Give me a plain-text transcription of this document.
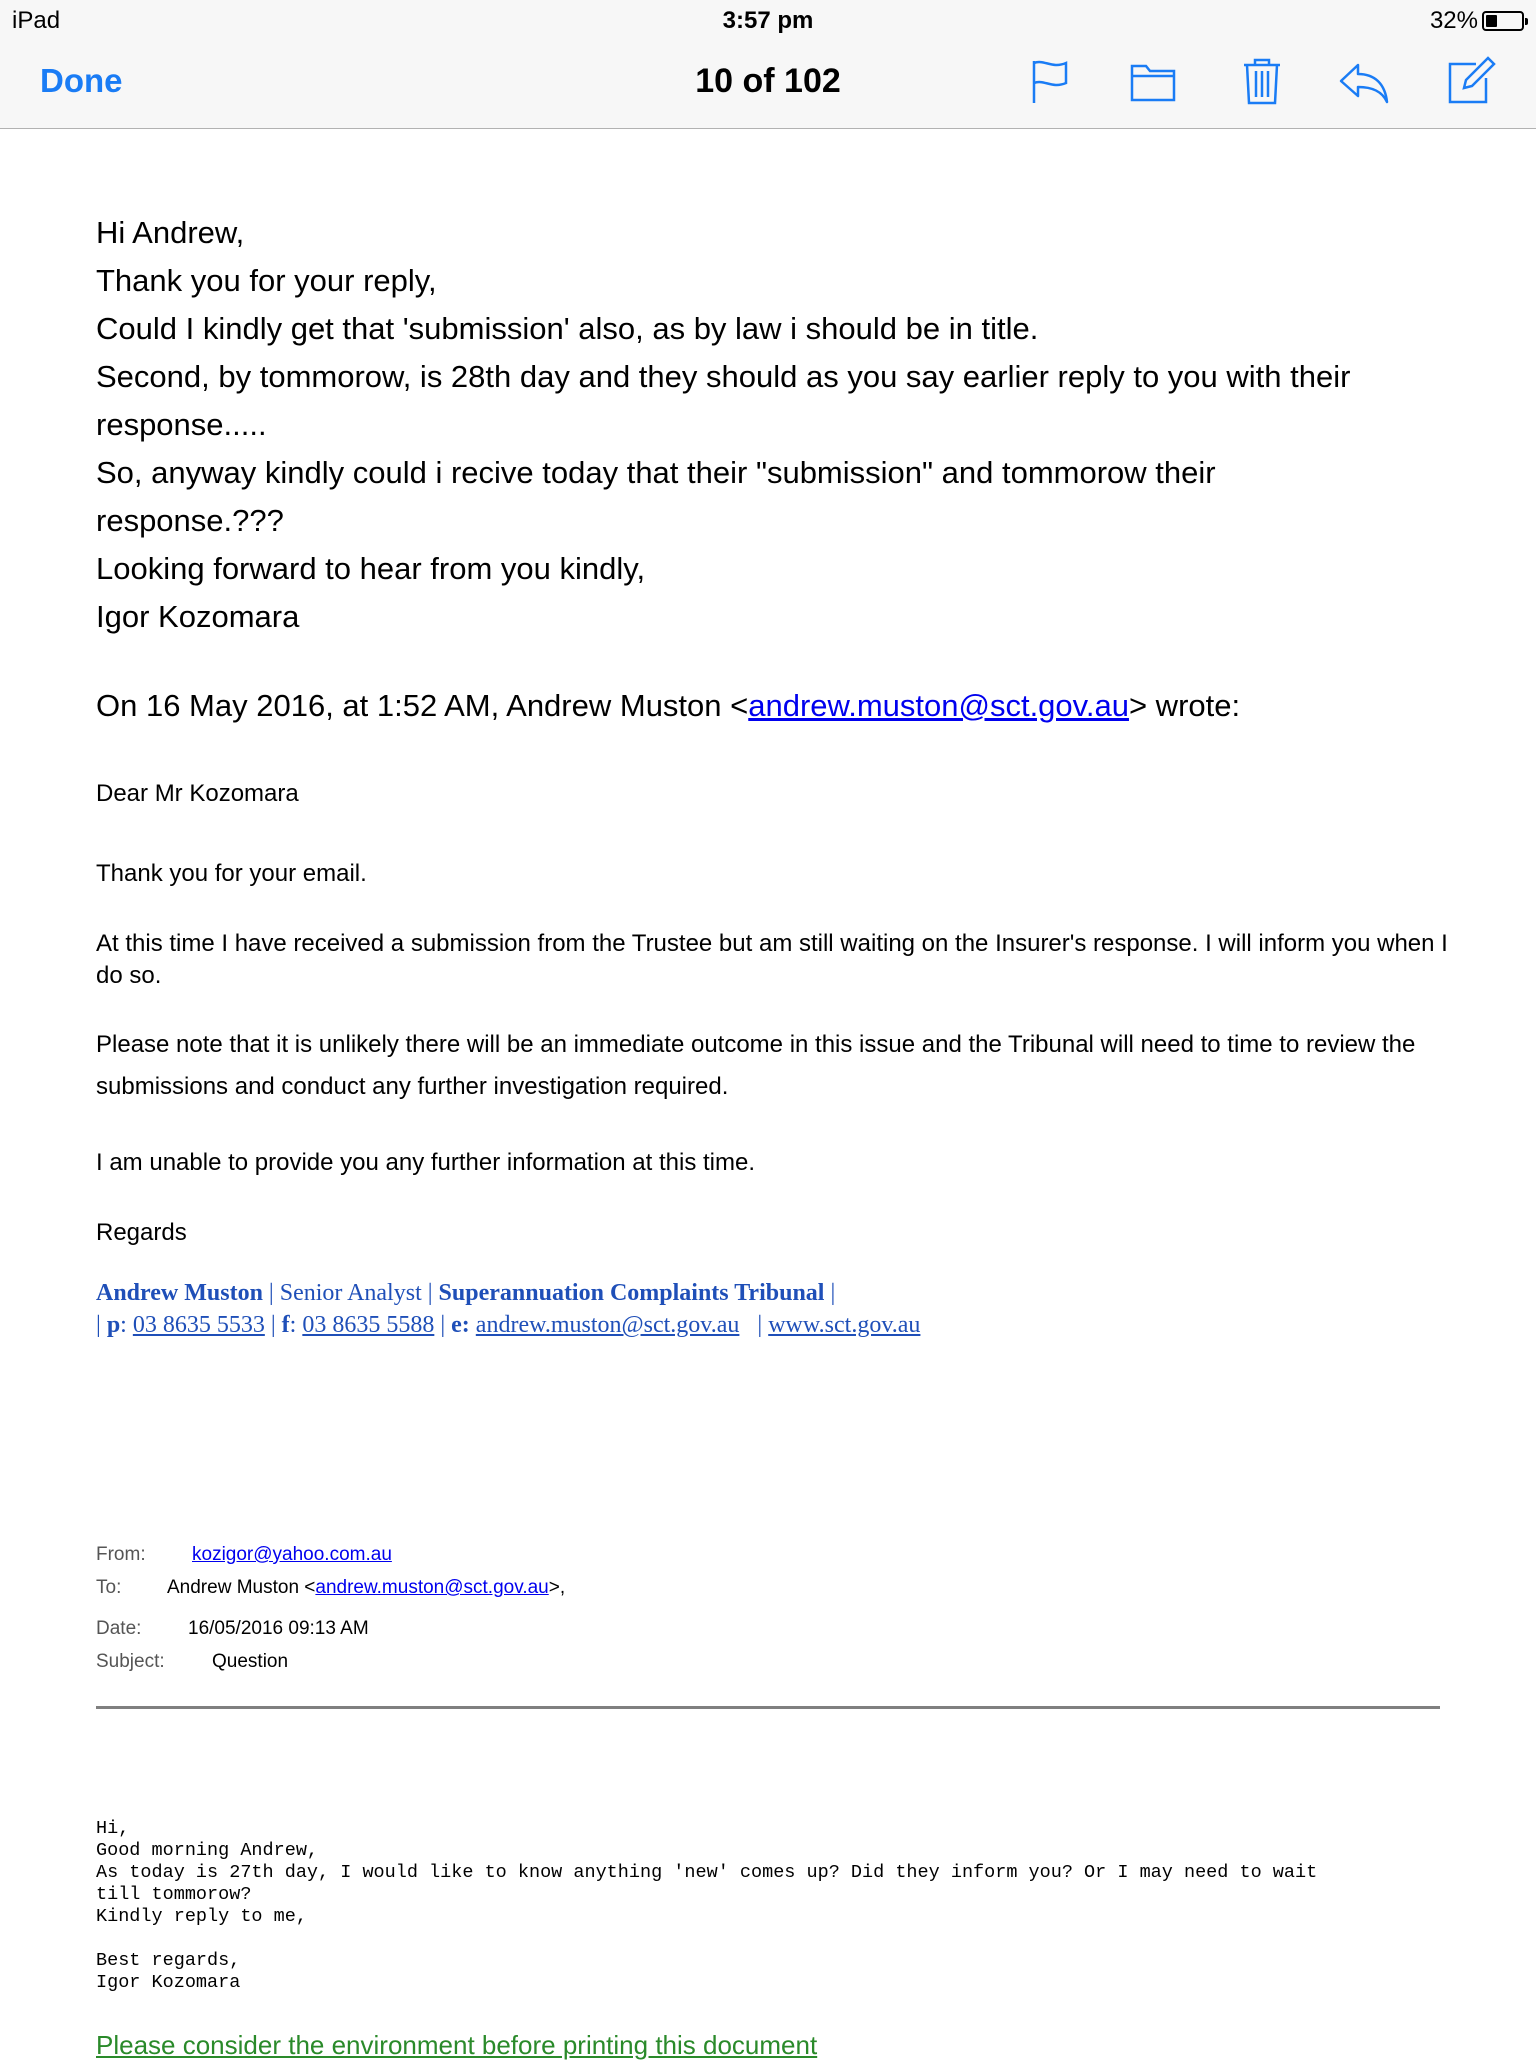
iPad	3:57 pm	32%
Done	10 of 102
Hi Andrew,
Thank you for your reply,
Could I kindly get that 'submission' also, as by law i should be in title.
Second, by tommorow, is 28th day and they should as you say earlier reply to you with their
response.....
So, anyway kindly could i recive today that their "submission" and tommorow their
response.???
Looking forward to hear from you kindly,
Igor Kozomara
On 16 May 2016, at 1:52 AM, Andrew Muston <andrew.muston@sct.gov.au> wrote:
Dear Mr Kozomara
Thank you for your email.
At this time I have received a submission from the Trustee but am still waiting on the Insurer's response. I will inform you when I do so.
Please note that it is unlikely there will be an immediate outcome in this issue and the Tribunal will need to time to review the submissions and conduct any further investigation required.
I am unable to provide you any further information at this time.
Regards
Andrew Muston | Senior Analyst | Superannuation Complaints Tribunal |
| p: 03 8635 5533 | f: 03 8635 5588 | e: andrew.muston@sct.gov.au   | www.sct.gov.au
From: kozigor@yahoo.com.au
To: Andrew Muston <andrew.muston@sct.gov.au>,
Date: 16/05/2016 09:13 AM
Subject: Question
Hi,
Good morning Andrew,
As today is 27th day, I would like to know anything 'new' comes up? Did they inform you? Or I may need to wait
till tommorow?
Kindly reply to me,

Best regards,
Igor Kozomara
Please consider the environment before printing this document
